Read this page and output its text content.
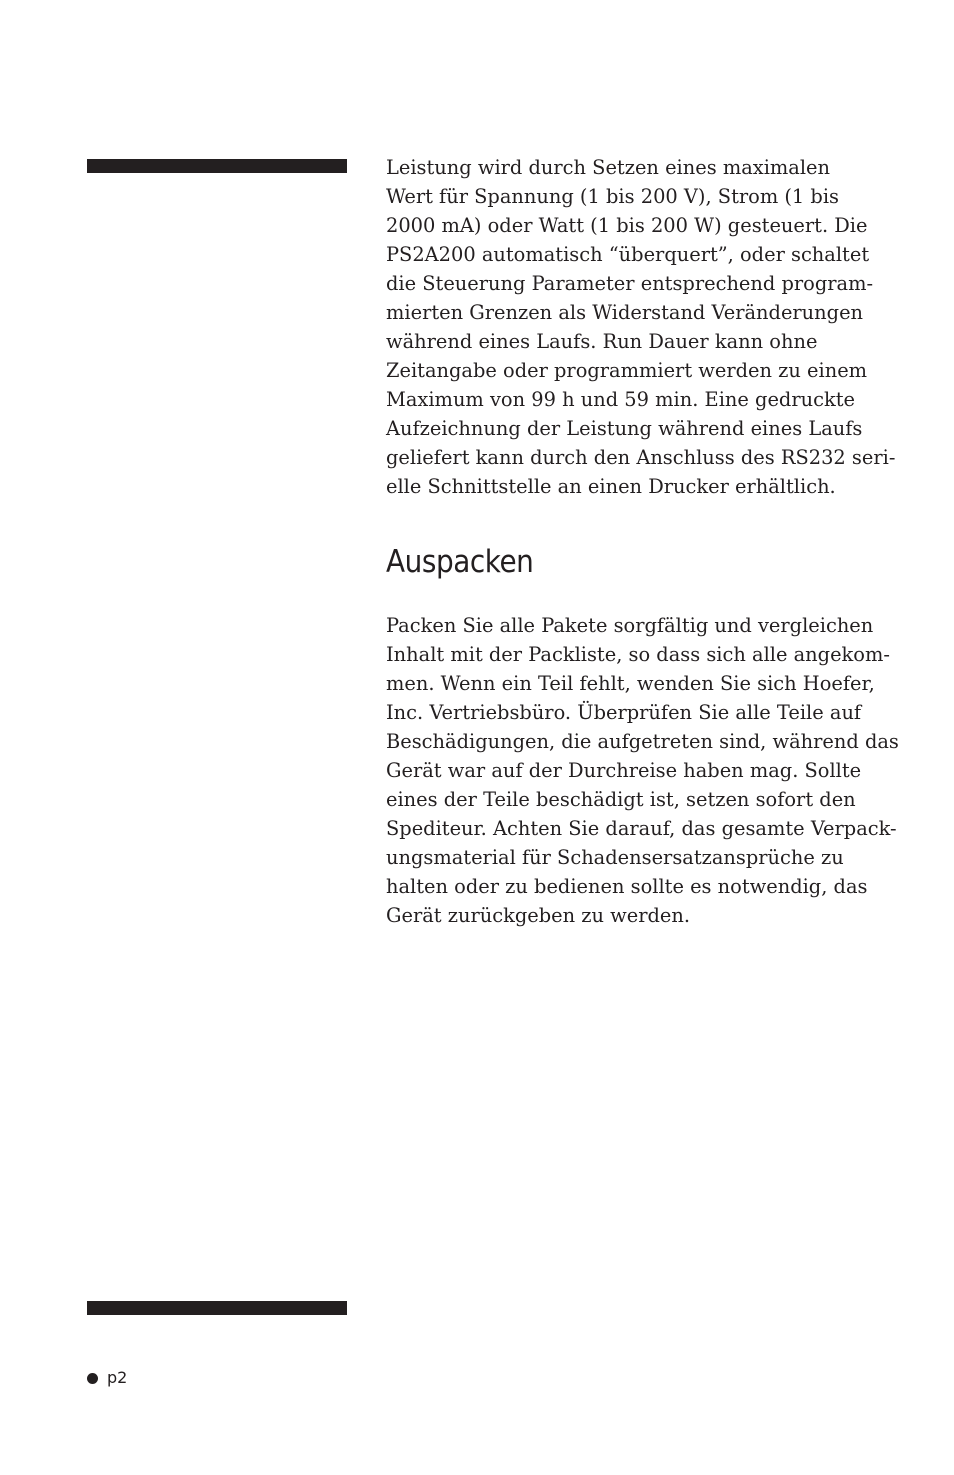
Leistung wird durch Setzen eines maximalen
Wert für Spannung (1 bis 200 V), Strom (1 bis
2000 mA) oder Watt (1 bis 200 W) gesteuert. Die
PS2A200 automatisch “überquert”, oder schaltet
die Steuerung Parameter entsprechend program-
mierten Grenzen als Widerstand Veränderungen
während eines Laufs. Run Dauer kann ohne
Zeitangabe oder programmiert werden zu einem
Maximum von 99 h und 59 min. Eine gedruckte
Aufzeichnung der Leistung während eines Laufs
geliefert kann durch den Anschluss des RS232 seri-
elle Schnittstelle an einen Drucker erhältlich.
Auspacken
Packen Sie alle Pakete sorgfältig und vergleichen
Inhalt mit der Packliste, so dass sich alle angekom-
men. Wenn ein Teil fehlt, wenden Sie sich Hoefer,
Inc. Vertriebsbüro. Überprüfen Sie alle Teile auf
Beschädigungen, die aufgetreten sind, während das
Gerät war auf der Durchreise haben mag. Sollte
eines der Teile beschädigt ist, setzen sofort den
Spediteur. Achten Sie darauf, das gesamte Verpack-
ungsmaterial für Schadensersatzansprüche zu
halten oder zu bedienen sollte es notwendig, das
Gerät zurückgeben zu werden.
p2
